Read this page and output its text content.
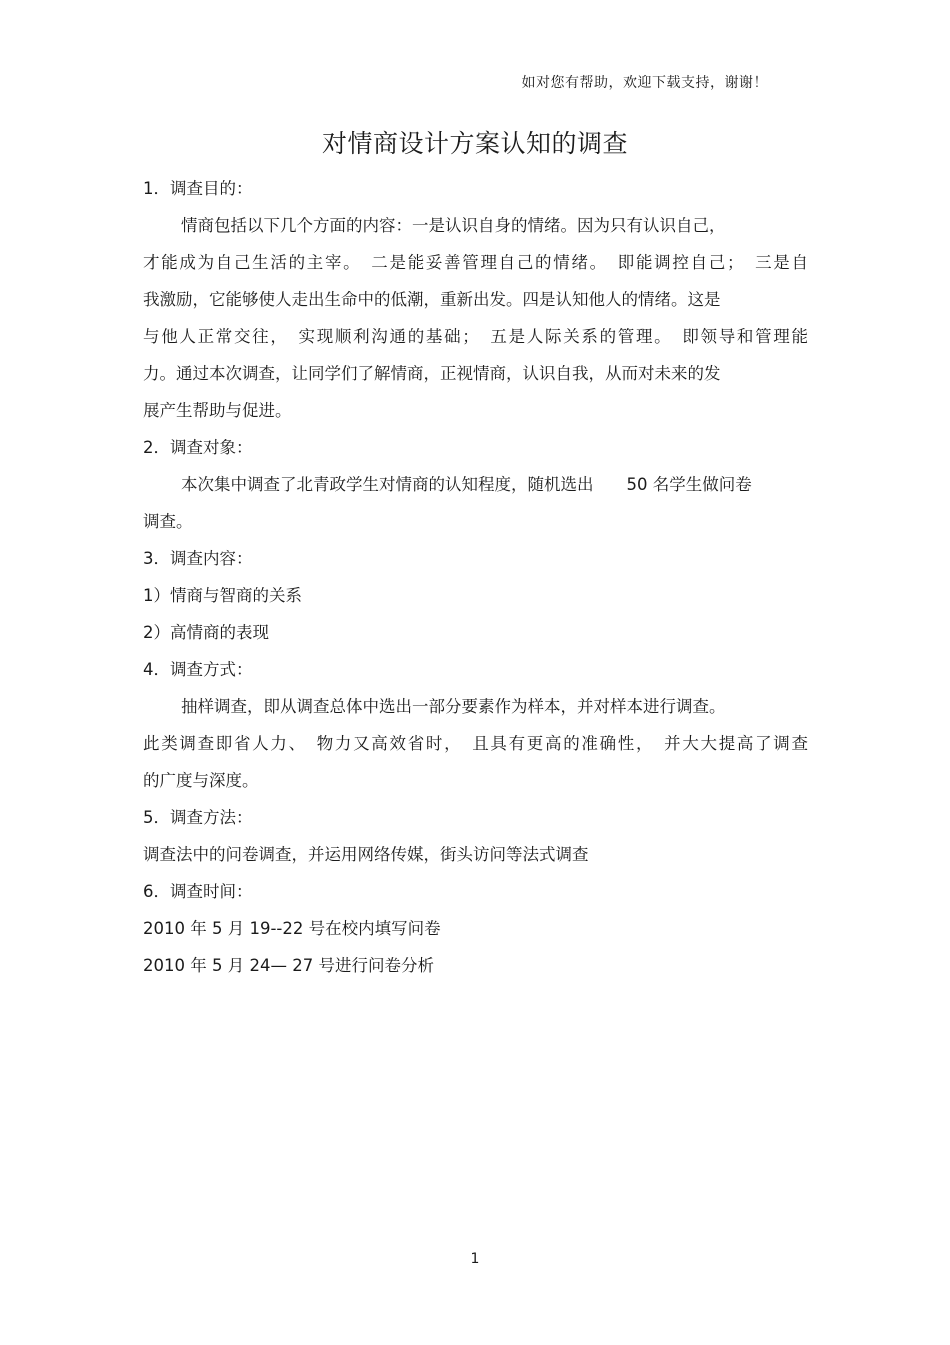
如对您有帮助，欢迎下载支持，谢谢！
对情商设计方案认知的调查
1．调查目的：
情商包括以下几个方面的内容：一是认识自身的情绪。因为只有认识自己，
才能成为自己生活的主宰。　二是能妥善管理自己的情绪。　即能调控自己；　三是自
我激励，它能够使人走出生命中的低潮，重新出发。四是认知他人的情绪。这是
与他人正常交往，　实现顺利沟通的基础；　五是人际关系的管理。　即领导和管理能
力。通过本次调查，让同学们了解情商，正视情商，认识自我，从而对未来的发
展产生帮助与促进。
2．调查对象：
本次集中调查了北青政学生对情商的认知程度，随机选出　　50 名学生做问卷
调查。
3．调查内容：
1）情商与智商的关系
2）高情商的表现
4．调查方式：
抽样调查，即从调查总体中选出一部分要素作为样本，并对样本进行调查。
此类调查即省人力、　物力又高效省时，　且具有更高的准确性，　并大大提高了调查
的广度与深度。
5．调查方法：
调查法中的问卷调查，并运用网络传媒，街头访问等法式调查
6．调查时间：
2010 年 5 月 19--22 号在校内填写问卷
2010 年 5 月 24— 27 号进行问卷分析
1
